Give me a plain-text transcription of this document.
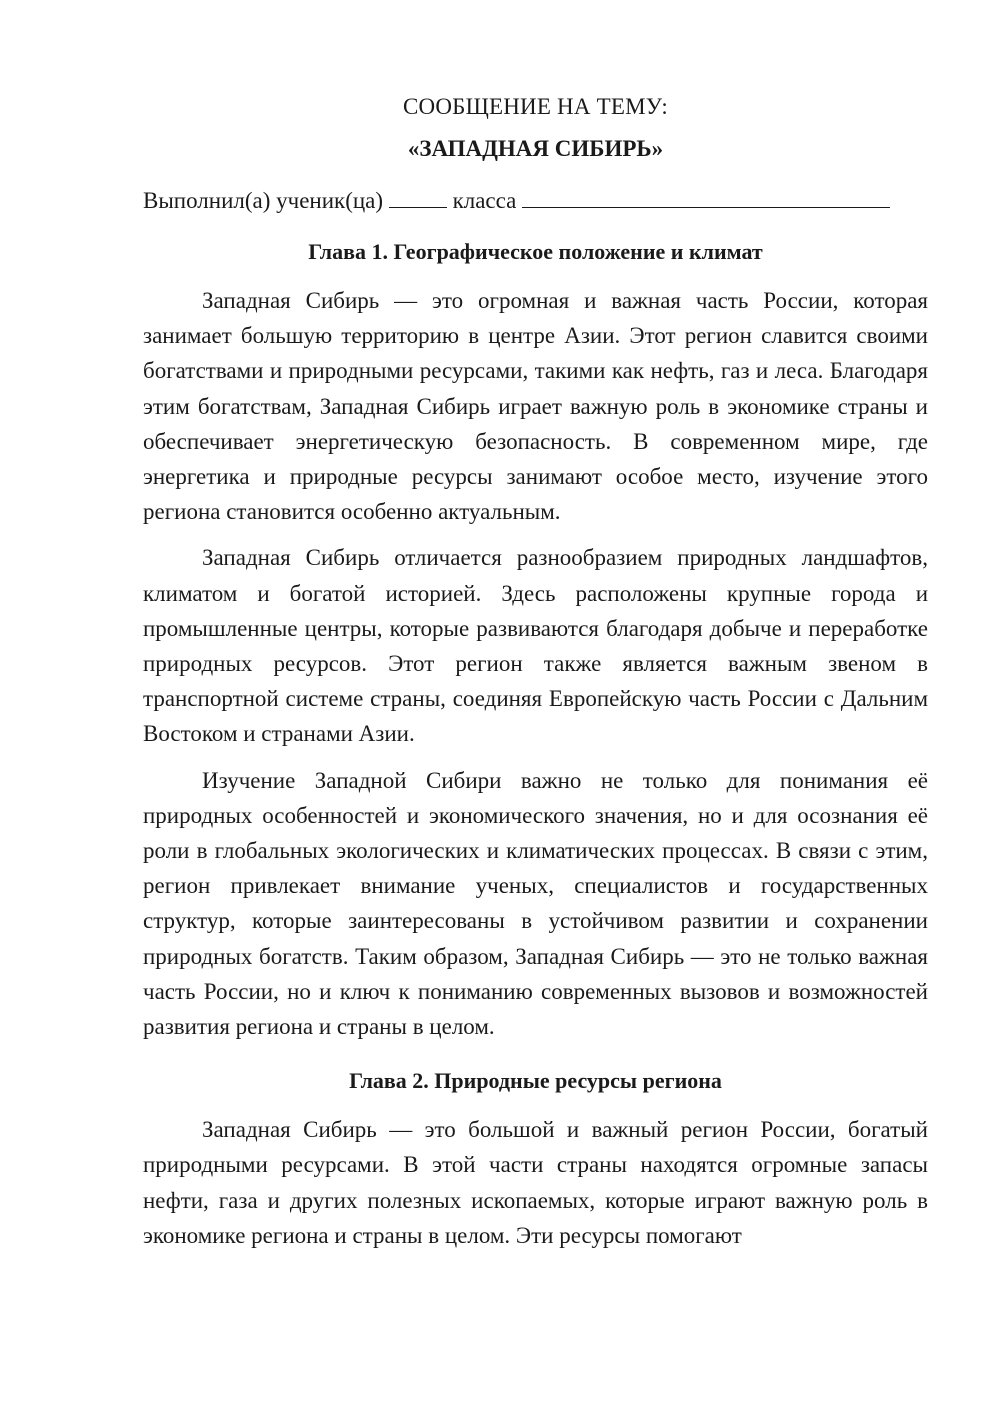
СООБЩЕНИЕ НА ТЕМУ:

«ЗАПАДНАЯ СИБИРЬ»

Выполнил(а) ученик(ца)	класса
Глава 1. Географическое положение и климат

Западная Сибирь — это огромная и важная часть России, которая занимает большую территорию в центре Азии. Этот регион славится своими богатствами и природными ресурсами, такими как нефть, газ и леса. Благодаря этим богатствам, Западная Сибирь играет важную роль в экономике страны и обеспечивает энергетическую безопасность. В современном мире, где энергетика и природные ресурсы занимают особое место, изучение этого региона становится особенно актуальным.

Западная Сибирь отличается разнообразием природных ландшафтов, климатом и богатой историей. Здесь расположены крупные города и промышленные центры, которые развиваются благодаря добыче и переработке природных ресурсов. Этот регион также является важным звеном в транспортной системе страны, соединяя Европейскую часть России с Дальним Востоком и странами Азии.

Изучение Западной Сибири важно не только для понимания её природных особенностей и экономического значения, но и для осознания её роли в глобальных экологических и климатических процессах. В связи с этим, регион привлекает внимание ученых, специалистов и государственных структур, которые заинтересованы в устойчивом развитии и сохранении природных богатств. Таким образом, Западная Сибирь — это не только важная часть России, но и ключ к пониманию современных вызовов и возможностей развития региона и страны в целом.

Глава 2. Природные ресурсы региона

Западная Сибирь — это большой и важный регион России, богатый природными ресурсами. В этой части страны находятся огромные запасы нефти, газа и других полезных ископаемых, которые играют важную роль в экономике региона и страны в целом. Эти ресурсы помогают
